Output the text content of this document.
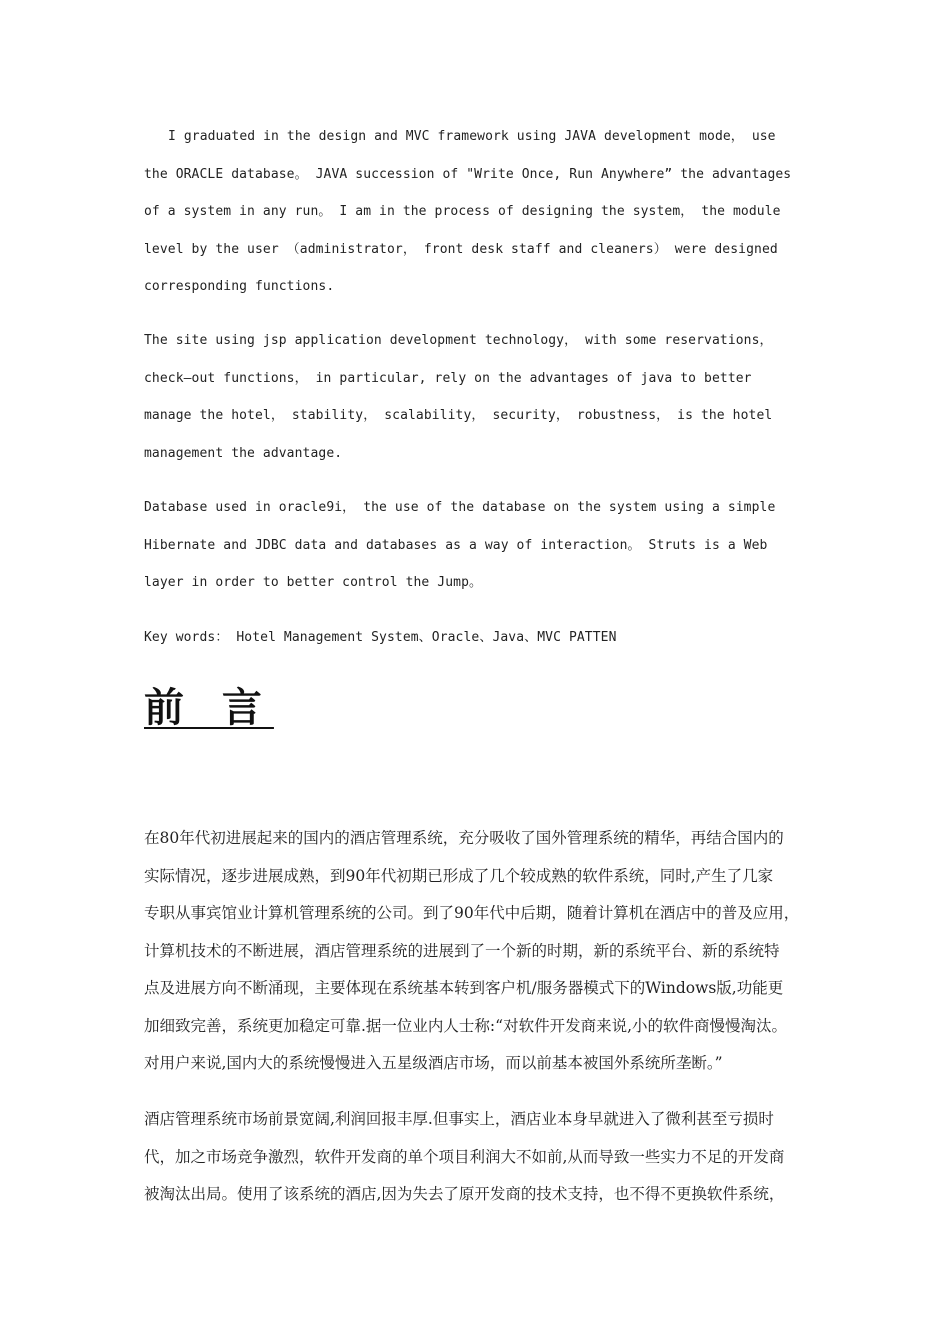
I graduated in the design and MVC framework using JAVA development mode， use

the ORACLE database。 JAVA succession of "Write Once, Run Anywhere” the advantages

of a system in any run。 I am in the process of designing the system， the module

level by the user （administrator， front desk staff and cleaners） were designed

corresponding functions.

The site using jsp application development technology， with some reservations，

check—out functions， in particular, rely on the advantages of java to better

manage the hotel， stability， scalability， security， robustness， is the hotel

management the advantage.

Database used in oracle9i， the use of the database on the system using a simple

Hibernate and JDBC data and databases as a way of interaction。 Struts is a Web

layer in order to better control the Jump。

Key words： Hotel Management System、Oracle、Java、MVC PATTEN

前 言

在80年代初进展起来的国内的酒店管理系统，充分吸收了国外管理系统的精华，再结合国内的

实际情况，逐步进展成熟，到90年代初期已形成了几个较成熟的软件系统，同时,产生了几家

专职从事宾馆业计算机管理系统的公司。到了90年代中后期，随着计算机在酒店中的普及应用，

计算机技术的不断进展，酒店管理系统的进展到了一个新的时期，新的系统平台、新的系统特

点及进展方向不断涌现，主要体现在系统基本转到客户机/服务器模式下的Windows版,功能更

加细致完善，系统更加稳定可靠.据一位业内人士称:“对软件开发商来说,小的软件商慢慢淘汰。

对用户来说,国内大的系统慢慢进入五星级酒店市场，而以前基本被国外系统所垄断。”

酒店管理系统市场前景宽阔,利润回报丰厚.但事实上，酒店业本身早就进入了微利甚至亏损时

代，加之市场竞争激烈，软件开发商的单个项目利润大不如前,从而导致一些实力不足的开发商

被淘汰出局。使用了该系统的酒店,因为失去了原开发商的技术支持，也不得不更换软件系统，
